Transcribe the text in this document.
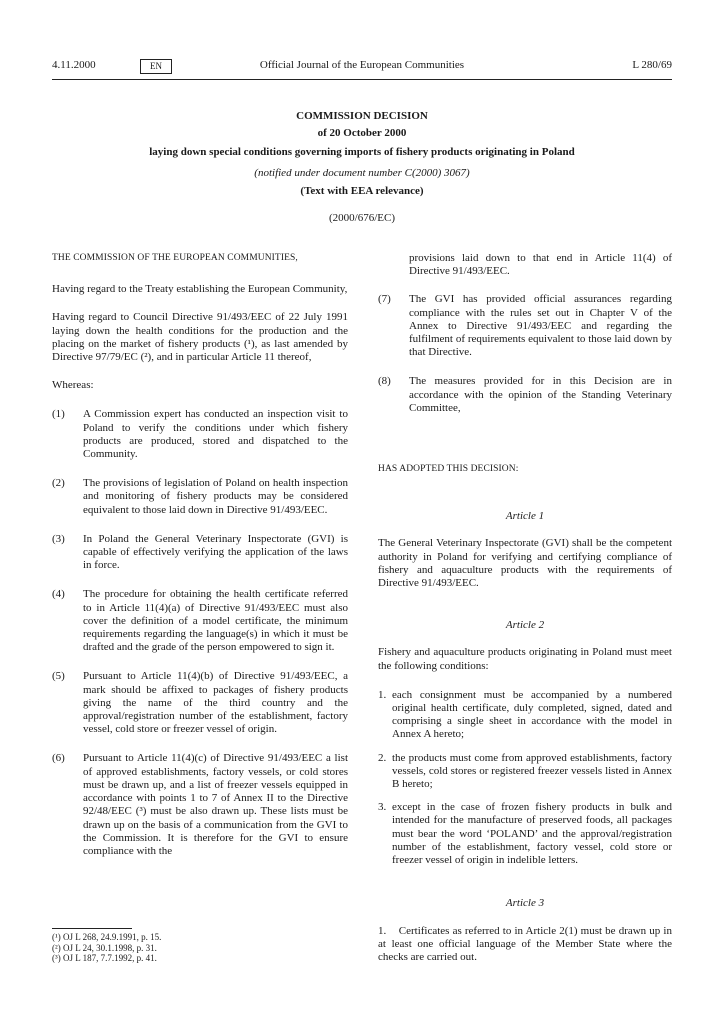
4.11.2000	EN	Official Journal of the European Communities	L 280/69
COMMISSION DECISION
of 20 October 2000
laying down special conditions governing imports of fishery products originating in Poland
(notified under document number C(2000) 3067)
(Text with EEA relevance)
(2000/676/EC)

THE COMMISSION OF THE EUROPEAN COMMUNITIES,

Having regard to the Treaty establishing the European Community,

Having regard to Council Directive 91/493/EEC of 22 July 1991 laying down the health conditions for the production and the placing on the market of fishery products (¹), as last amended by Directive 97/79/EC (²), and in particular Article 11 thereof,

Whereas:

(1)	A Commission expert has conducted an inspection visit to Poland to verify the conditions under which fishery products are produced, stored and dispatched to the Community.
(2)	The provisions of legislation of Poland on health inspection and monitoring of fishery products may be considered equivalent to those laid down in Directive 91/493/EEC.
(3)	In Poland the General Veterinary Inspectorate (GVI) is capable of effectively verifying the application of the laws in force.
(4)	The procedure for obtaining the health certificate referred to in Article 11(4)(a) of Directive 91/493/EEC must also cover the definition of a model certificate, the minimum requirements regarding the language(s) in which it must be drafted and the grade of the person empowered to sign it.
(5)	Pursuant to Article 11(4)(b) of Directive 91/493/EEC, a mark should be affixed to packages of fishery products giving the name of the third country and the approval/registration number of the establishment, factory vessel, cold store or freezer vessel of origin.
(6)	Pursuant to Article 11(4)(c) of Directive 91/493/EEC a list of approved establishments, factory vessels, or cold stores must be drawn up, and a list of freezer vessels equipped in accordance with points 1 to 7 of Annex II to the Directive 92/48/EEC (³) must be also drawn up. These lists must be drawn up on the basis of a communication from the GVI to the Commission. It is therefore for the GVI to ensure compliance with the
provisions laid down to that end in Article 11(4) of Directive 91/493/EEC.
(7)	The GVI has provided official assurances regarding compliance with the rules set out in Chapter V of the Annex to Directive 91/493/EEC and regarding the fulfilment of requirements equivalent to those laid down by that Directive.
(8)	The measures provided for in this Decision are in accordance with the opinion of the Standing Veterinary Committee,

HAS ADOPTED THIS DECISION:

Article 1

The General Veterinary Inspectorate (GVI) shall be the competent authority in Poland for verifying and certifying compliance of fishery and aquaculture products with the requirements of Directive 91/493/EEC.

Article 2

Fishery and aquaculture products originating in Poland must meet the following conditions:

1. each consignment must be accompanied by a numbered original health certificate, duly completed, signed, dated and comprising a single sheet in accordance with the model in Annex A hereto;
2. the products must come from approved establishments, factory vessels, cold stores or registered freezer vessels listed in Annex B hereto;
3. except in the case of frozen fishery products in bulk and intended for the manufacture of preserved foods, all packages must bear the word ‘POLAND’ and the approval/registration number of the establishment, factory vessel, cold store or freezer vessel of origin in indelible letters.

Article 3

1.    Certificates as referred to in Article 2(1) must be drawn up in at least one official language of the Member State where the checks are carried out.

(¹) OJ L 268, 24.9.1991, p. 15.
(²) OJ L 24, 30.1.1998, p. 31.
(³) OJ L 187, 7.7.1992, p. 41.
